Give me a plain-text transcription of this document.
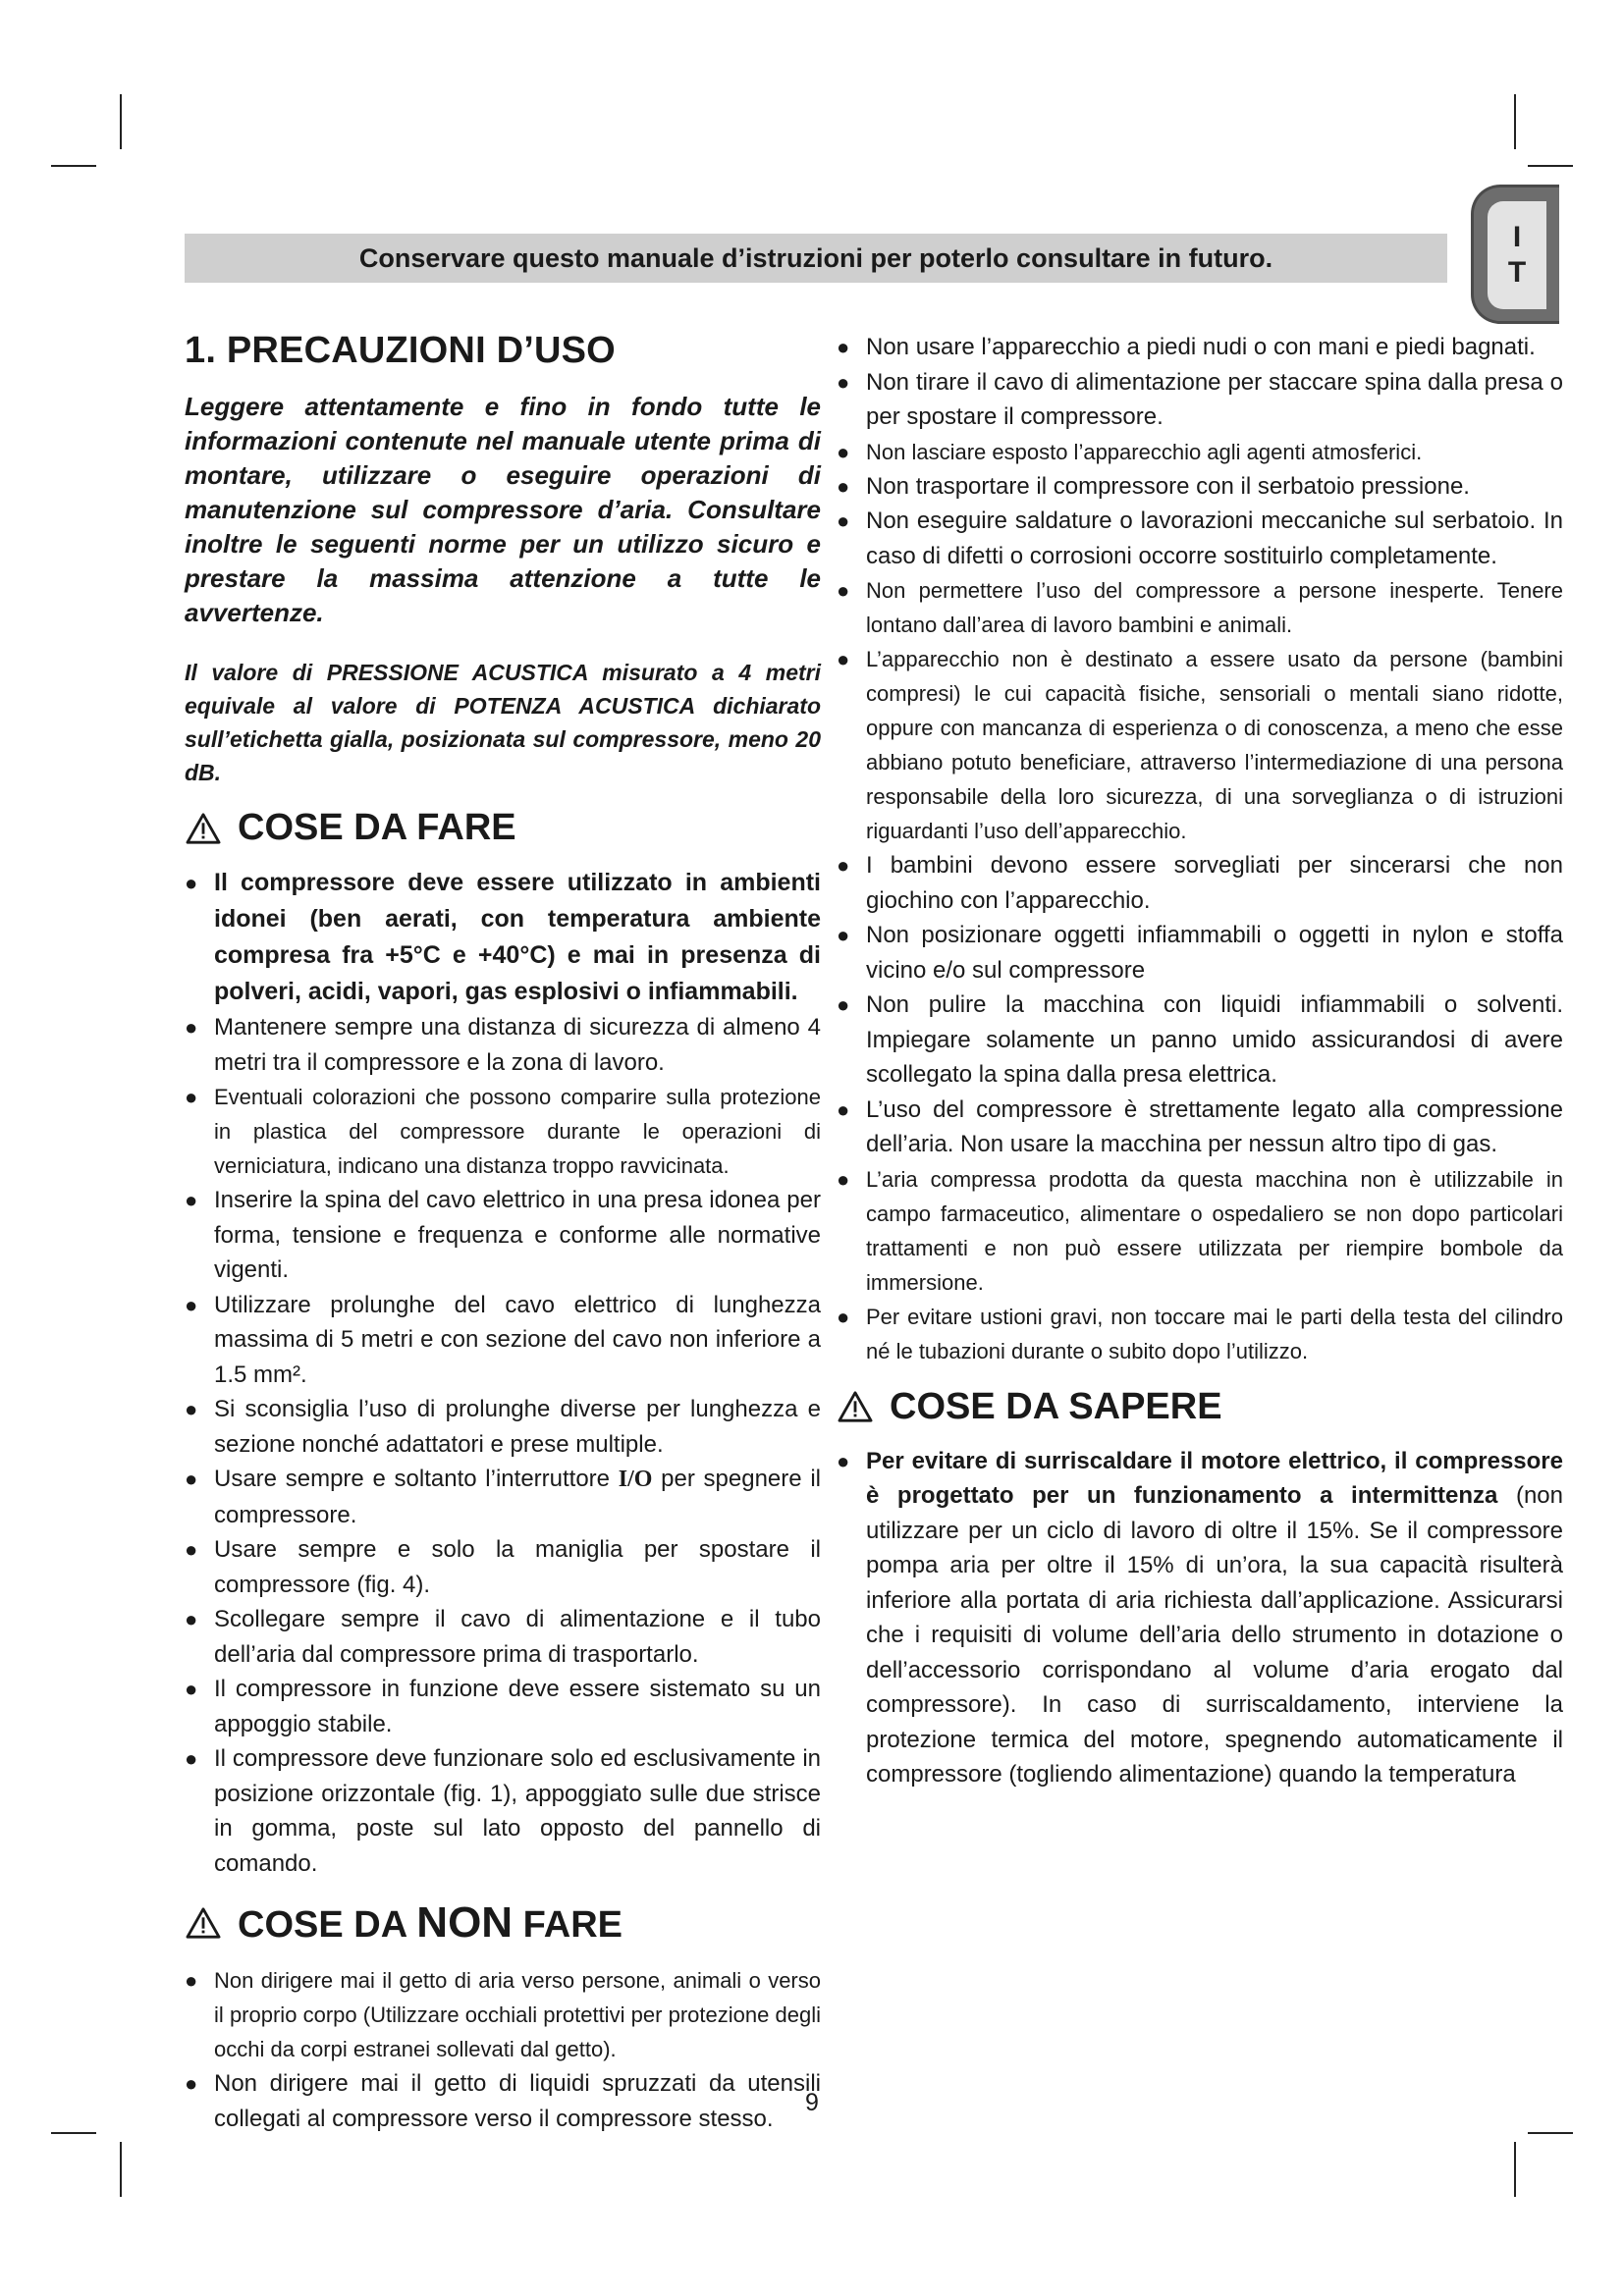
I
T
Conservare questo manuale d’istruzioni per poterlo consultare in futuro.
1. PRECAUZIONI D’USO

Leggere attentamente e fino in fondo tutte le informazioni contenute nel manuale utente prima di montare, utilizzare o eseguire operazioni di manutenzione sul compressore d’aria. Consultare inoltre le seguenti norme per un utilizzo sicuro e prestare la massima attenzione a tutte le avvertenze.

Il valore di PRESSIONE ACUSTICA misurato a 4 metri equivale al valore di POTENZA ACUSTICA dichiarato sull’etichetta gialla, posizionata sul compressore, meno 20 dB.

COSE DA FARE
● Il compressore deve essere utilizzato in ambienti idonei (ben aerati, con temperatura ambiente compresa fra +5°C e +40°C) e mai in presenza di polveri, acidi, vapori, gas esplosivi o infiammabili.
● Mantenere sempre una distanza di sicurezza di almeno 4 metri tra il compressore e la zona di lavoro.
● Eventuali colorazioni che possono comparire sulla protezione in plastica del compressore durante le operazioni di verniciatura, indicano una distanza troppo ravvicinata.
● Inserire la spina del cavo elettrico in una presa idonea per forma, tensione e frequenza e conforme alle normative vigenti.
● Utilizzare prolunghe del cavo elettrico di lunghezza massima di 5 metri e con sezione del cavo non inferiore a 1.5 mm².
● Si sconsiglia l’uso di prolunghe diverse per lunghezza e sezione nonché adattatori e prese multiple.
● Usare sempre e soltanto l’interruttore I/O per spegnere il compressore.
● Usare sempre e solo la maniglia per spostare il compressore (fig. 4).
● Scollegare sempre il cavo di alimentazione e il tubo dell’aria dal compressore prima di trasportarlo.
● Il compressore in funzione deve essere sistemato su un appoggio stabile.
● Il compressore deve funzionare solo ed esclusivamente in posizione orizzontale (fig. 1), appoggiato sulle due strisce in gomma, poste sul lato opposto del pannello di comando.
COSE DA NON FARE
● Non dirigere mai il getto di aria verso persone, animali o verso il proprio corpo (Utilizzare occhiali protettivi per protezione degli occhi da corpi estranei sollevati dal getto).
● Non dirigere mai il getto di liquidi spruzzati da utensili collegati al compressore verso il compressore stesso.
● Non usare l’apparecchio a piedi nudi o con mani e piedi bagnati.
● Non tirare il cavo di alimentazione per staccare spina dalla presa o per spostare il compressore.
● Non lasciare esposto l’apparecchio agli agenti atmosferici.
● Non trasportare il compressore con il serbatoio pressione.
● Non eseguire saldature o lavorazioni meccaniche sul serbatoio. In caso di difetti o corrosioni occorre sostituirlo completamente.
● Non permettere l’uso del compressore a persone inesperte. Tenere lontano dall’area di lavoro bambini e animali.
● L’apparecchio non è destinato a essere usato da persone (bambini compresi) le cui capacità fisiche, sensoriali o mentali siano ridotte, oppure con mancanza di esperienza o di conoscenza, a meno che esse abbiano potuto beneficiare, attraverso l’intermediazione di una persona responsabile della loro sicurezza, di una sorveglianza o di istruzioni riguardanti l’uso dell’apparecchio.
● I bambini devono essere sorvegliati per sincerarsi che non giochino con l’apparecchio.
● Non posizionare oggetti infiammabili o oggetti in nylon e stoffa vicino e/o sul compressore
● Non pulire la macchina con liquidi infiammabili o solventi. Impiegare solamente un panno umido assicurandosi di avere scollegato la spina dalla presa elettrica.
● L’uso del compressore è strettamente legato alla compressione dell’aria. Non usare la macchina per nessun altro tipo di gas.
● L’aria compressa prodotta da questa macchina non è utilizzabile in campo farmaceutico, alimentare o ospedaliero se non dopo particolari trattamenti e non può essere utilizzata per riempire bombole da immersione.
● Per evitare ustioni gravi, non toccare mai le parti della testa del cilindro né le tubazioni durante o subito dopo l’utilizzo.
COSE DA SAPERE
● Per evitare di surriscaldare il motore elettrico, il compressore è progettato per un funzionamento a intermittenza (non utilizzare per un ciclo di lavoro di oltre il 15%. Se il compressore pompa aria per oltre il 15% di un’ora, la sua capacità risulterà inferiore alla portata di aria richiesta dall’applicazione. Assicurarsi che i requisiti di volume dell’aria dello strumento in dotazione o dell’accessorio corrispondano al volume d’aria erogato dal compressore). In caso di surriscaldamento, interviene la protezione termica del motore, spegnendo automaticamente il compressore (togliendo alimentazione) quando la temperatura
9
